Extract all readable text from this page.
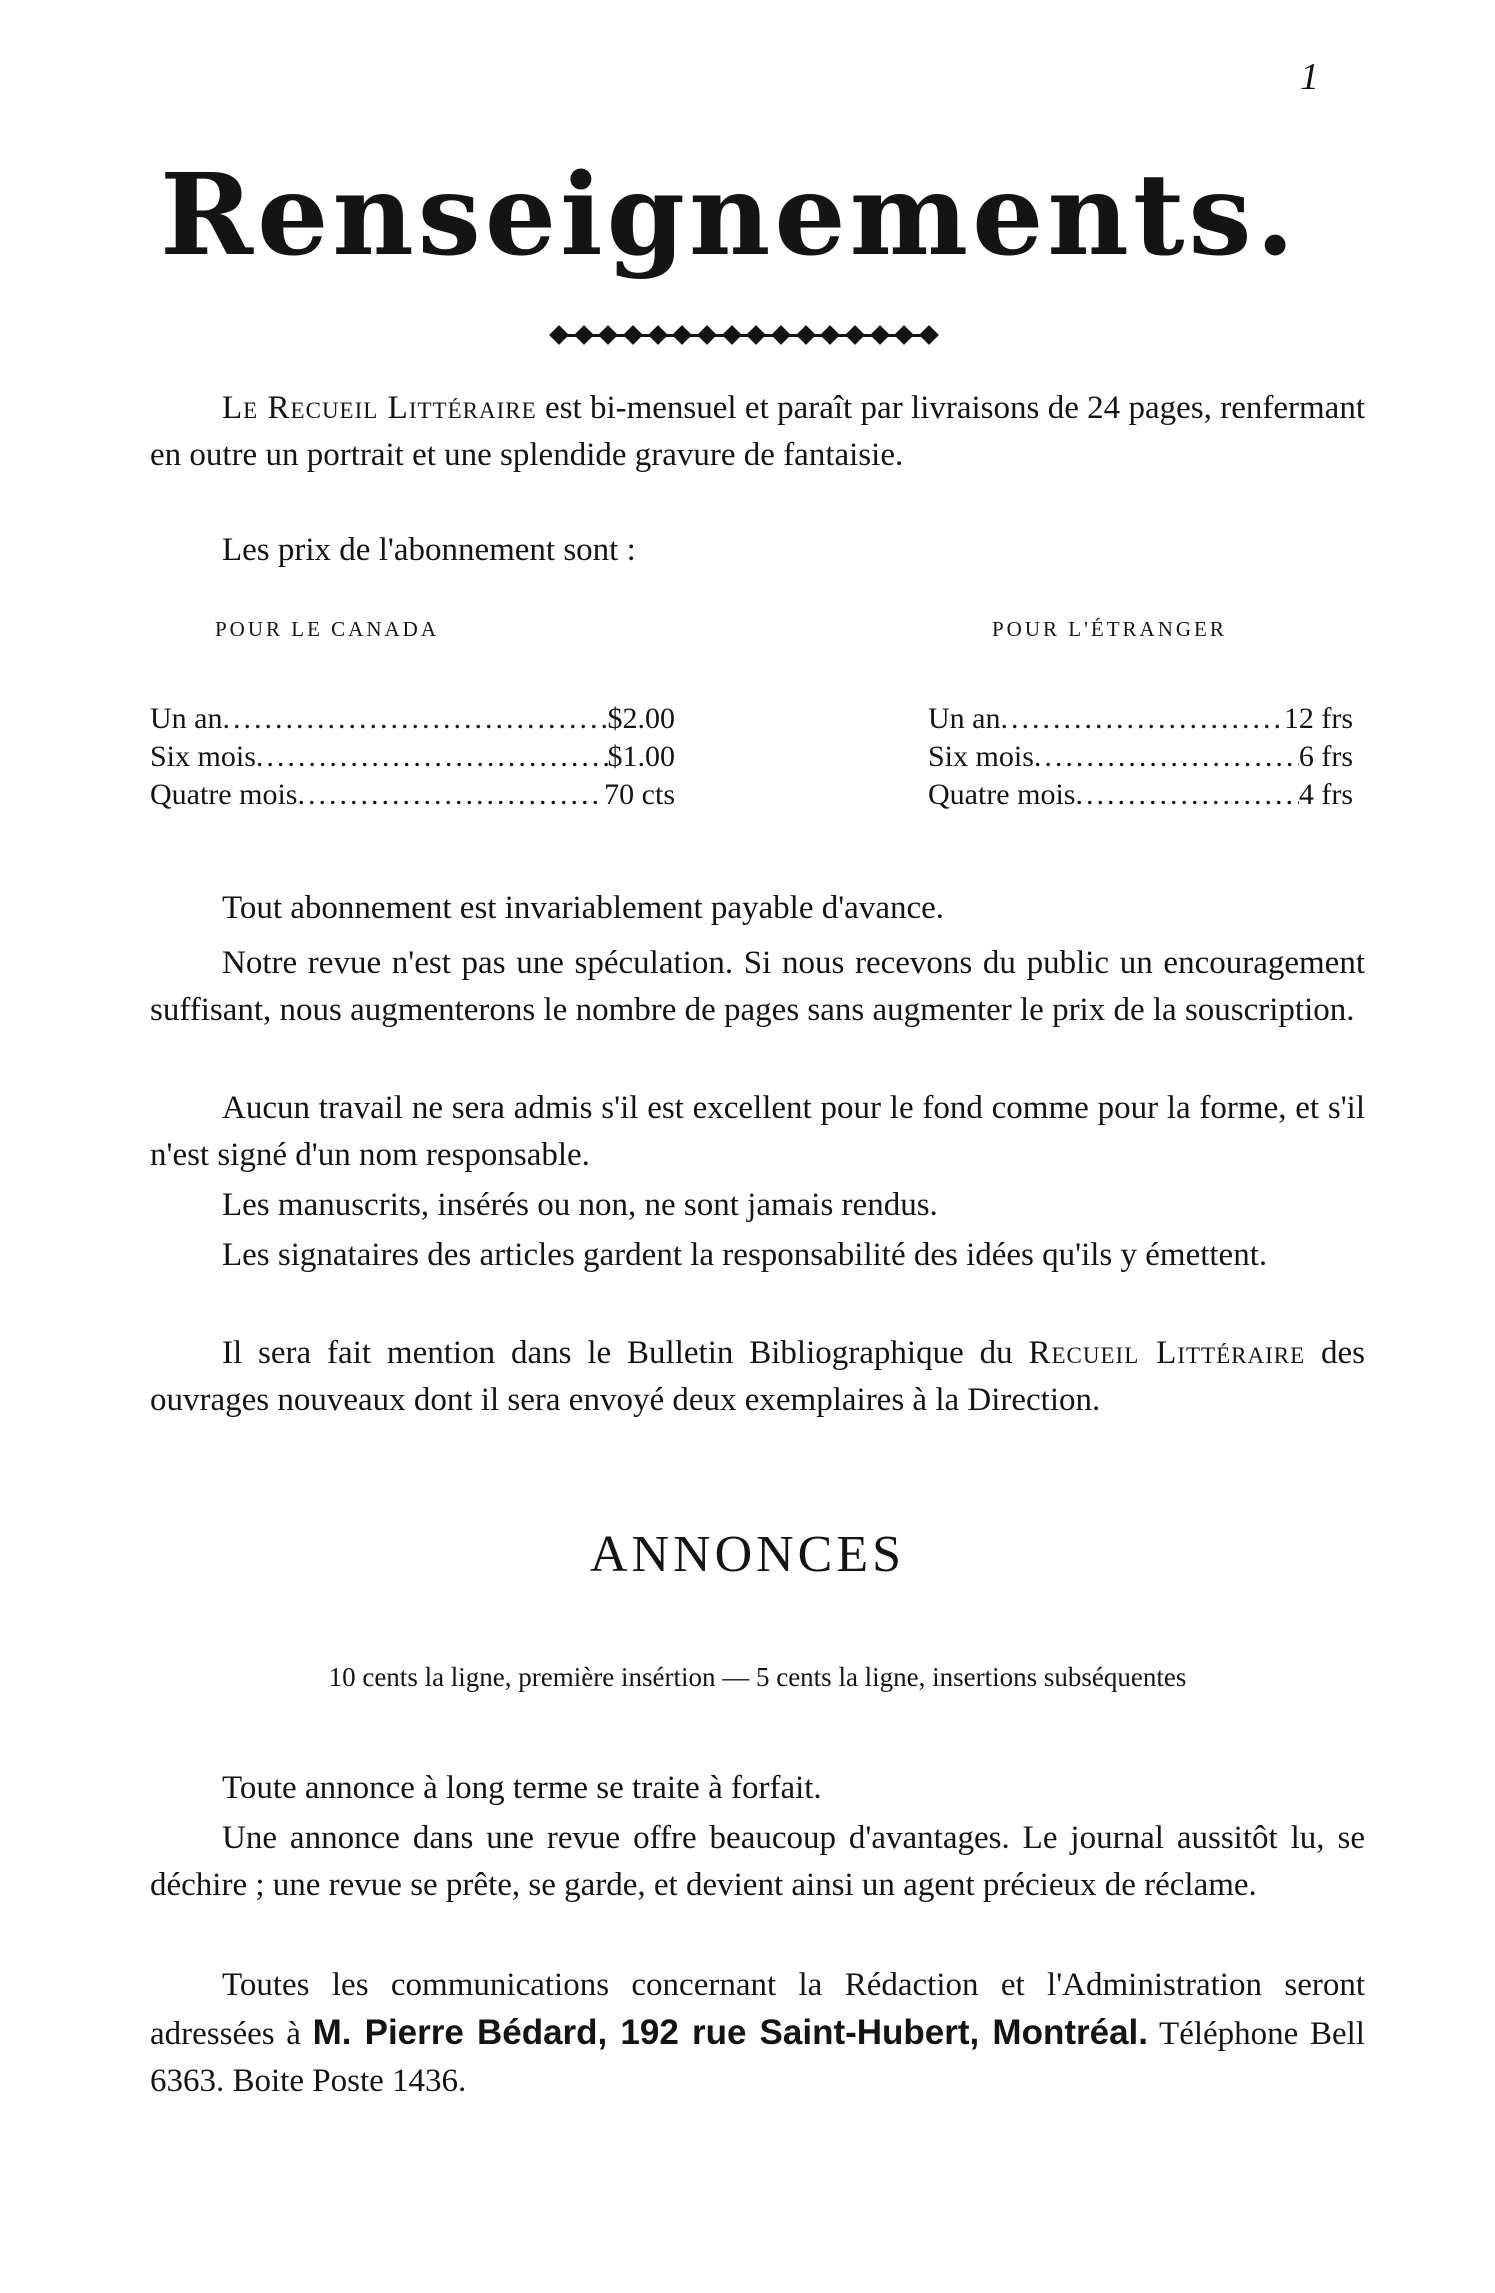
1
Renseignements.
Le Recueil Littéraire est bi-mensuel et paraît par livraisons de 24 pages, renfermant en outre un portrait et une splendide gravure de fantaisie.
Les prix de l'abonnement sont :
POUR LE CANADA	POUR L'ÉTRANGER
Un an .....	$2.00
Six mois .....	$1.00
Quatre mois .....	70 cts
Un an .....	12 frs
Six mois .....	6 frs
Quatre mois .....	4 frs
Tout abonnement est invariablement payable d'avance.
Notre revue n'est pas une spéculation. Si nous recevons du public un encouragement suffisant, nous augmenterons le nombre de pages sans augmenter le prix de la souscription.
Aucun travail ne sera admis s'il est excellent pour le fond comme pour la forme, et s'il n'est signé d'un nom responsable.
Les manuscrits, insérés ou non, ne sont jamais rendus.
Les signataires des articles gardent la responsabilité des idées qu'ils y émettent.
Il sera fait mention dans le Bulletin Bibliographique du Recueil Littéraire des ouvrages nouveaux dont il sera envoyé deux exemplaires à la Direction.
ANNONCES
10 cents la ligne, première insértion — 5 cents la ligne, insertions subséquentes
Toute annonce à long terme se traite à forfait.
Une annonce dans une revue offre beaucoup d'avantages. Le journal aussitôt lu, se déchire ; une revue se prête, se garde, et devient ainsi un agent précieux de réclame.
Toutes les communications concernant la Rédaction et l'Administration seront adressées à M. Pierre Bédard, 192 rue Saint-Hubert, Montréal. Téléphone Bell 6363. Boite Poste 1436.
